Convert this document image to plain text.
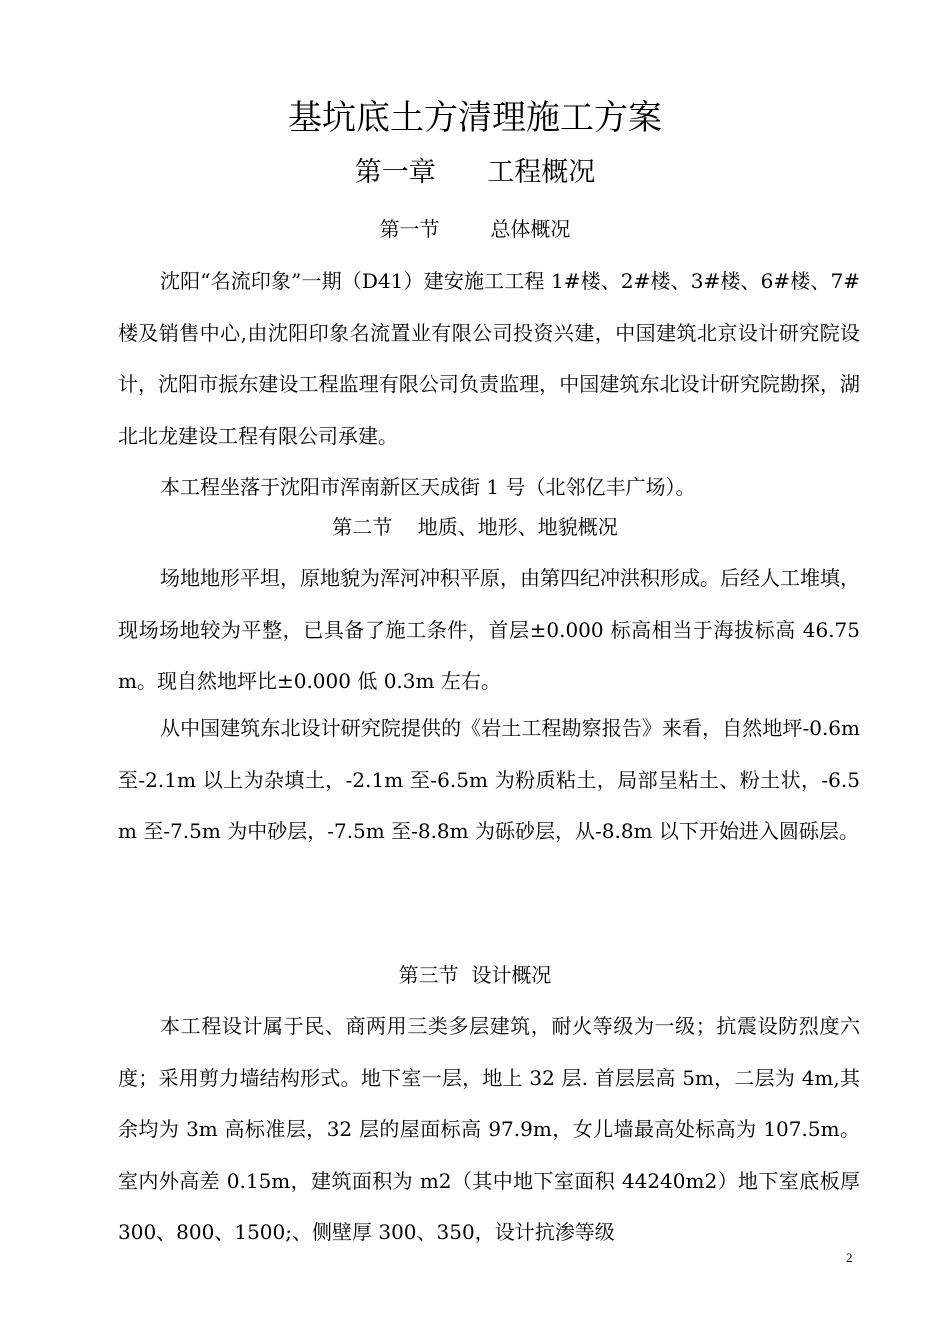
基坑底土方清理施工方案
第一章      工程概况
第一节        总体概况

沈阳“名流印象”一期（D41）建安施工工程 1#楼、2#楼、3#楼、6#楼、7#楼及销售中心,由沈阳印象名流置业有限公司投资兴建，中国建筑北京设计研究院设计，沈阳市振东建设工程监理有限公司负责监理，中国建筑东北设计研究院勘探，湖北北龙建设工程有限公司承建。

本工程坐落于沈阳市浑南新区天成街 1 号（北邻亿丰广场）。

第二节    地质、地形、地貌概况

场地地形平坦，原地貌为浑河冲积平原，由第四纪冲洪积形成。后经人工堆填，现场场地较为平整，已具备了施工条件，首层±0.000 标高相当于海拔标高 46.75m。现自然地坪比±0.000 低 0.3m 左右。

从中国建筑东北设计研究院提供的《岩土工程勘察报告》来看，自然地坪-0.6m 至-2.1m 以上为杂填土，-2.1m 至-6.5m 为粉质粘土，局部呈粘土、粉土状，-6.5m 至-7.5m 为中砂层，-7.5m 至-8.8m 为砾砂层，从-8.8m 以下开始进入圆砾层。

第三节  设计概况

本工程设计属于民、商两用三类多层建筑，耐火等级为一级；抗震设防烈度六度；采用剪力墙结构形式。地下室一层，地上 32 层. 首层层高 5m，二层为 4m,其余均为 3m 高标准层，32 层的屋面标高 97.9m，女儿墙最高处标高为 107.5m。室内外高差 0.15m，建筑面积为 m2（其中地下室面积 44240m2）地下室底板厚 300、800、1500;、侧壁厚 300、350，设计抗渗等级

2
